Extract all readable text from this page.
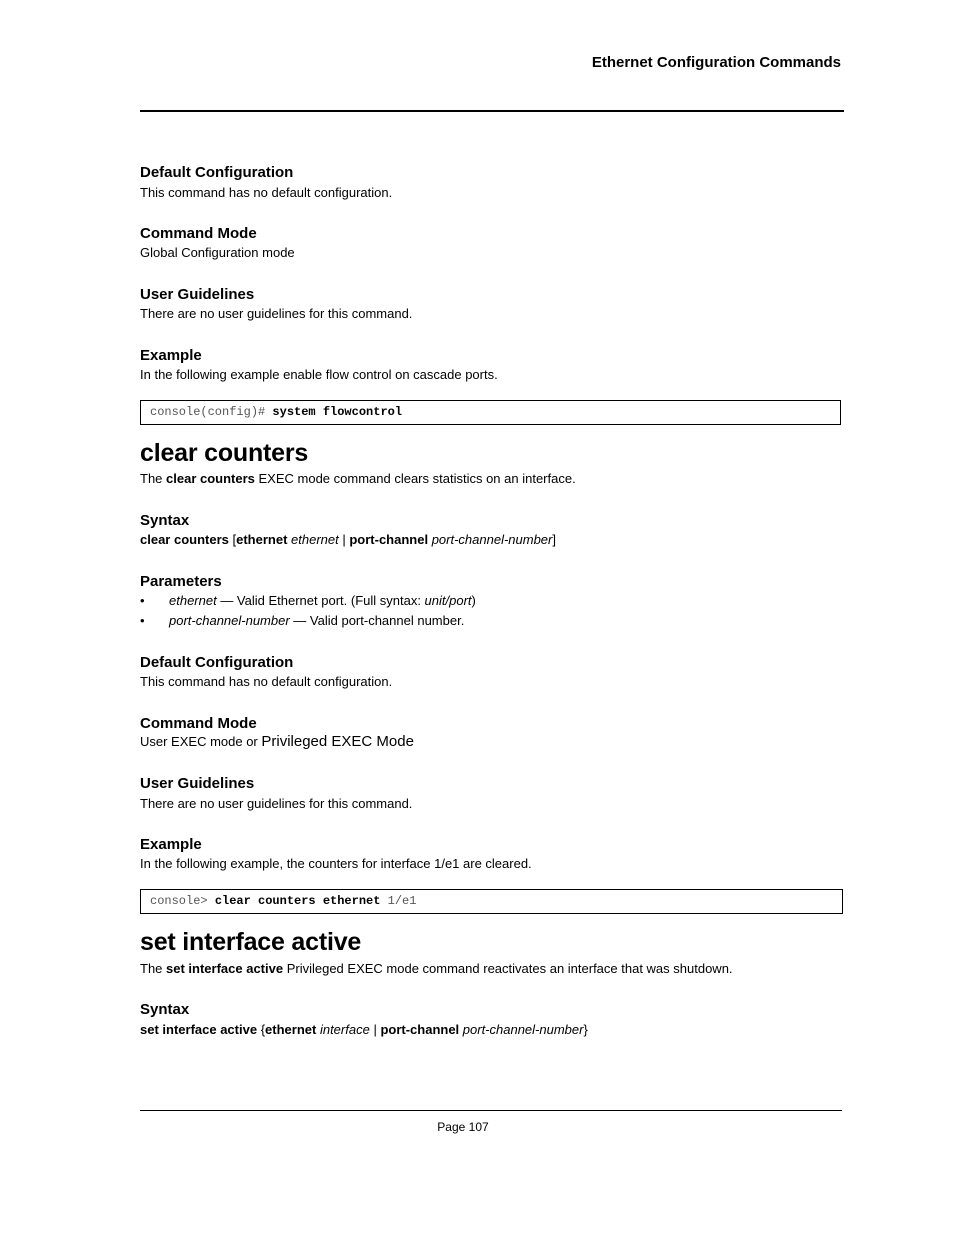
Ethernet Configuration Commands
Default Configuration
This command has no default configuration.
Command Mode
Global Configuration mode
User Guidelines
There are no user guidelines for this command.
Example
In the following example enable flow control on cascade ports.
console(config)# system flowcontrol
clear counters
The clear counters EXEC mode command clears statistics on an interface.
Syntax
clear counters [ethernet ethernet | port-channel port-channel-number]
Parameters
• ethernet — Valid Ethernet port. (Full syntax: unit/port)
• port-channel-number — Valid port-channel number.
Default Configuration
This command has no default configuration.
Command Mode
User EXEC mode or Privileged EXEC Mode
User Guidelines
There are no user guidelines for this command.
Example
In the following example, the counters for interface 1/e1 are cleared.
console> clear counters ethernet 1/e1
set interface active
The set interface active Privileged EXEC mode command reactivates an interface that was shutdown.
Syntax
set interface active {ethernet interface | port-channel port-channel-number}
Page 107
